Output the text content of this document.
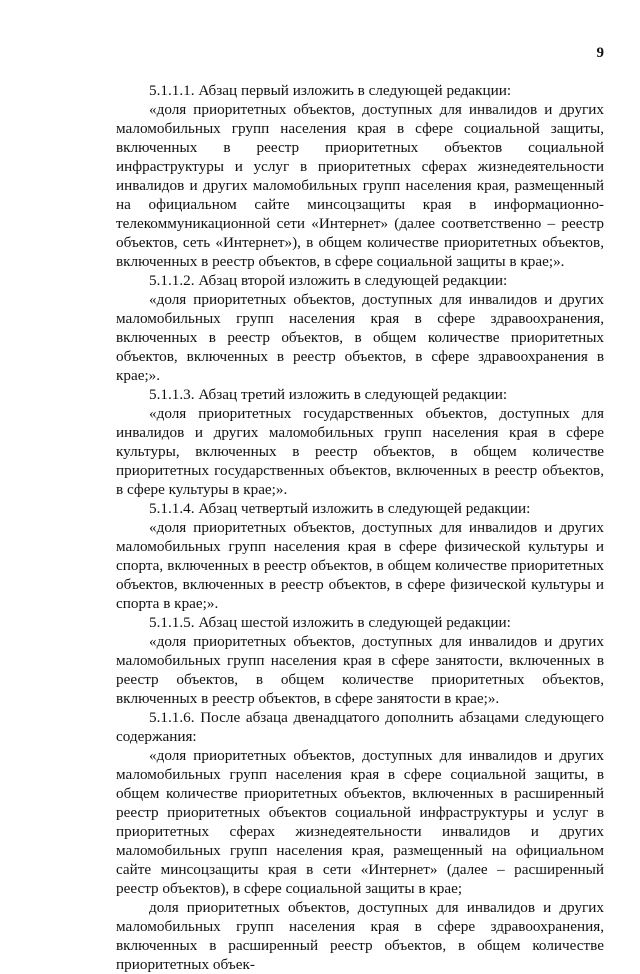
9

5.1.1.1. Абзац первый изложить в следующей редакции:

«доля приоритетных объектов, доступных для инвалидов и других маломобильных групп населения края в сфере социальной защиты, включенных в реестр приоритетных объектов социальной инфраструктуры и услуг в приоритетных сферах жизнедеятельности инвалидов и других маломобильных групп населения края, размещенный на официальном сайте минсоцзащиты края в информационно-телекоммуникационной сети «Интернет» (далее соответственно – реестр объектов, сеть «Интернет»), в общем количестве приоритетных объектов, включенных в реестр объектов, в сфере социальной защиты в крае;».

5.1.1.2. Абзац второй изложить в следующей редакции:

«доля приоритетных объектов, доступных для инвалидов и других маломобильных групп населения края в сфере здравоохранения, включенных в реестр объектов, в общем количестве приоритетных объектов, включенных в реестр объектов, в сфере здравоохранения в крае;».

5.1.1.3. Абзац третий изложить в следующей редакции:

«доля приоритетных государственных объектов, доступных для инвалидов и других маломобильных групп населения края в сфере культуры, включенных в реестр объектов, в общем количестве приоритетных государственных объектов, включенных в реестр объектов, в сфере культуры в крае;».

5.1.1.4. Абзац четвертый изложить в следующей редакции:

«доля приоритетных объектов, доступных для инвалидов и других маломобильных групп населения края в сфере физической культуры и спорта, включенных в реестр объектов, в общем количестве приоритетных объектов, включенных в реестр объектов, в сфере физической культуры и спорта в крае;».

5.1.1.5. Абзац шестой изложить в следующей редакции:

«доля приоритетных объектов, доступных для инвалидов и других маломобильных групп населения края в сфере занятости, включенных в реестр объектов, в общем количестве приоритетных объектов, включенных в реестр объектов, в сфере занятости в крае;».

5.1.1.6. После абзаца двенадцатого дополнить абзацами следующего содержания:

«доля приоритетных объектов, доступных для инвалидов и других маломобильных групп населения края в сфере социальной защиты, в общем количестве приоритетных объектов, включенных в расширенный реестр приоритетных объектов социальной инфраструктуры и услуг в приоритетных сферах жизнедеятельности инвалидов и других маломобильных групп населения края, размещенный на официальном сайте минсоцзащиты края в сети «Интернет» (далее – расширенный реестр объектов), в сфере социальной защиты в крае;

доля приоритетных объектов, доступных для инвалидов и других маломобильных групп населения края в сфере здравоохранения, включенных в расширенный реестр объектов, в общем количестве приоритетных объек-
